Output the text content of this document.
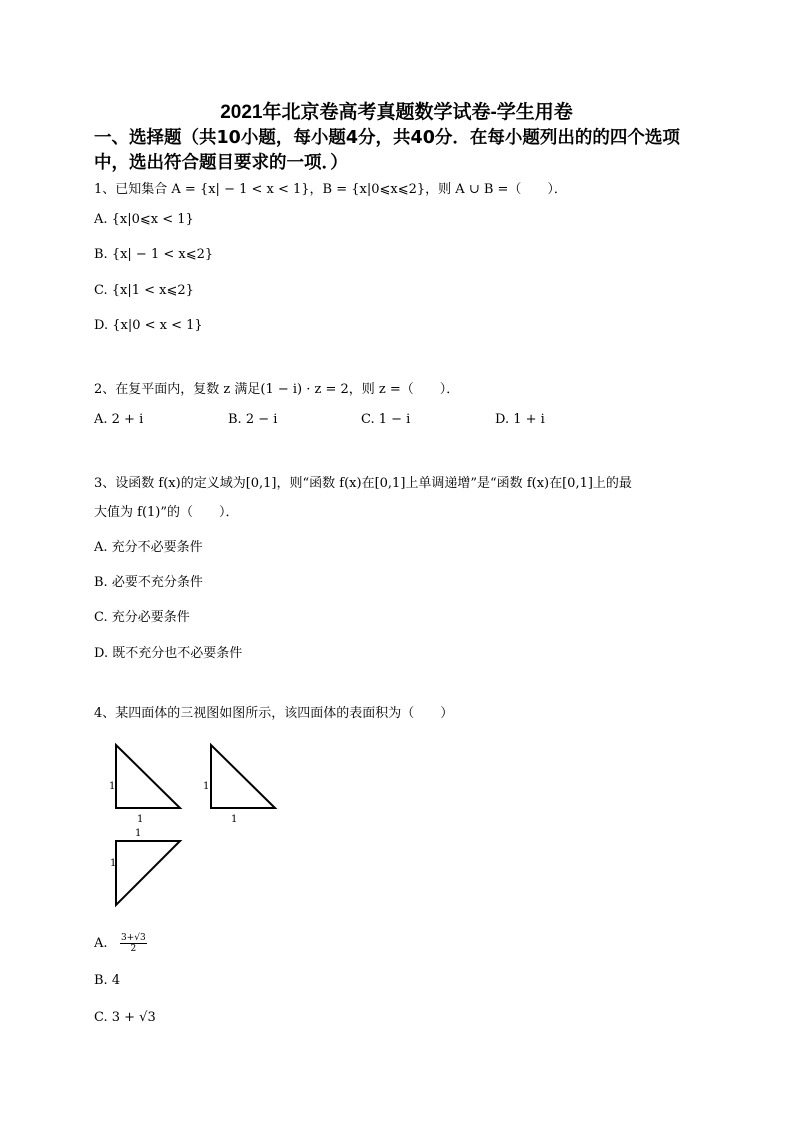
2021年北京卷高考真题数学试卷-学生用卷
一、选择题（共10小题，每小题4分，共40分．在每小题列出的的四个选项
中，选出符合题目要求的一项．）
1、已知集合 A = {x| − 1 < x < 1}，B = {x|0⩽x⩽2}，则 A ∪ B =（　　）．
A. {x|0⩽x < 1}
B. {x| − 1 < x⩽2}
C. {x|1 < x⩽2}
D. {x|0 < x < 1}
2、在复平面内，复数 z 满足(1 − i) · z = 2，则 z =（　　）．
A. 2 + i	B. 2 − i	C. 1 − i	D. 1 + i
3、设函数 f(x)的定义域为[0,1]，则“函数 f(x)在[0,1]上单调递增”是“函数 f(x)在[0,1]上的最
大值为 f(1)”的（　　）．
A. 充分不必要条件
B. 必要不充分条件
C. 充分必要条件
D. 既不充分也不必要条件
4、某四面体的三视图如图所示，该四面体的表面积为（　　）
1
1
1
1
1
1
A. $\frac{3+√3}{2}$
B. 4
C. 3 + √3
